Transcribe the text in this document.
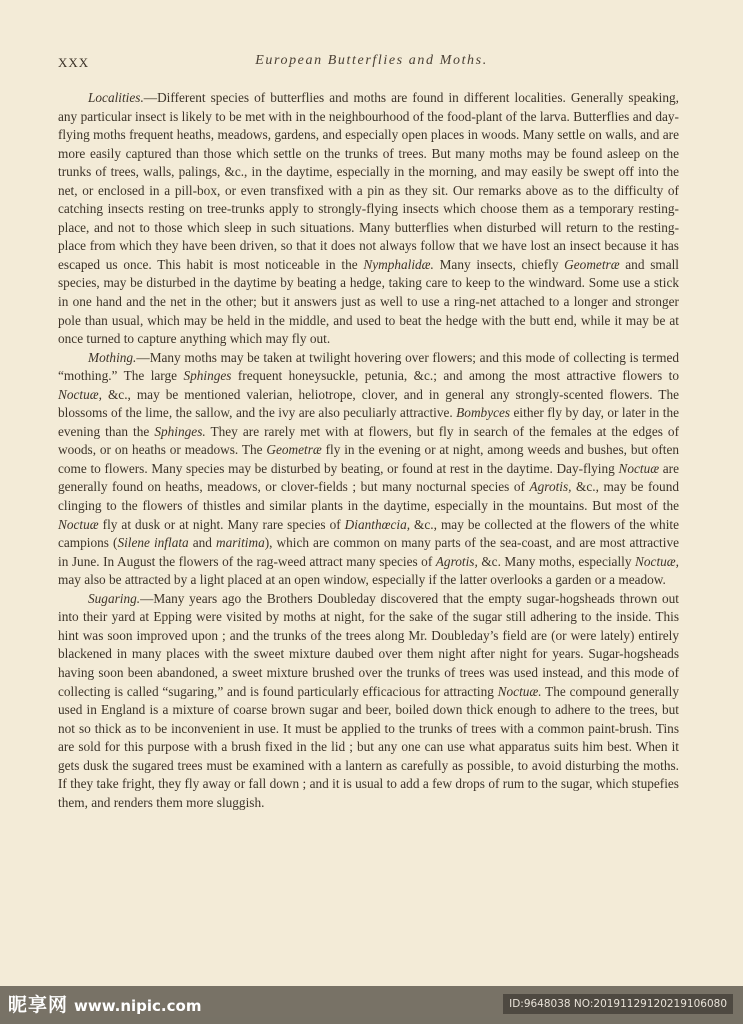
XXX	European Butterflies and Moths.

Localities.—Different species of butterflies and moths are found in different localities. Generally speaking, any particular insect is likely to be met with in the neighbourhood of the food-plant of the larva. Butterflies and day-flying moths frequent heaths, meadows, gardens, and especially open places in woods. Many settle on walls, and are more easily captured than those which settle on the trunks of trees. But many moths may be found asleep on the trunks of trees, walls, palings, &c., in the daytime, especially in the morning, and may easily be swept off into the net, or enclosed in a pill-box, or even transfixed with a pin as they sit. Our remarks above as to the difficulty of catching insects resting on tree-trunks apply to strongly-flying insects which choose them as a temporary resting-place, and not to those which sleep in such situations. Many butterflies when disturbed will return to the resting-place from which they have been driven, so that it does not always follow that we have lost an insect because it has escaped us once. This habit is most noticeable in the Nymphalidæ. Many insects, chiefly Geometræ and small species, may be disturbed in the daytime by beating a hedge, taking care to keep to the windward. Some use a stick in one hand and the net in the other; but it answers just as well to use a ring-net attached to a longer and stronger pole than usual, which may be held in the middle, and used to beat the hedge with the butt end, while it may be at once turned to capture anything which may fly out.

Mothing.—Many moths may be taken at twilight hovering over flowers; and this mode of collecting is termed “mothing.” The large Sphinges frequent honeysuckle, petunia, &c.; and among the most attractive flowers to Noctuæ, &c., may be mentioned valerian, heliotrope, clover, and in general any strongly-scented flowers. The blossoms of the lime, the sallow, and the ivy are also peculiarly attractive. Bombyces either fly by day, or later in the evening than the Sphinges. They are rarely met with at flowers, but fly in search of the females at the edges of woods, or on heaths or meadows. The Geometræ fly in the evening or at night, among weeds and bushes, but often come to flowers. Many species may be disturbed by beating, or found at rest in the daytime. Day-flying Noctuæ are generally found on heaths, meadows, or clover-fields ; but many nocturnal species of Agrotis, &c., may be found clinging to the flowers of thistles and similar plants in the daytime, especially in the mountains. But most of the Noctuæ fly at dusk or at night. Many rare species of Dianthœcia, &c., may be collected at the flowers of the white campions (Silene inflata and maritima), which are common on many parts of the sea-coast, and are most attractive in June. In August the flowers of the rag-weed attract many species of Agrotis, &c. Many moths, especially Noctuæ, may also be attracted by a light placed at an open window, especially if the latter overlooks a garden or a meadow.

Sugaring.—Many years ago the Brothers Doubleday discovered that the empty sugar-hogsheads thrown out into their yard at Epping were visited by moths at night, for the sake of the sugar still adhering to the inside. This hint was soon improved upon ; and the trunks of the trees along Mr. Doubleday’s field are (or were lately) entirely blackened in many places with the sweet mixture daubed over them night after night for years. Sugar-hogsheads having soon been abandoned, a sweet mixture brushed over the trunks of trees was used instead, and this mode of collecting is called “sugaring,” and is found particularly efficacious for attracting Noctuæ. The compound generally used in England is a mixture of coarse brown sugar and beer, boiled down thick enough to adhere to the trees, but not so thick as to be inconvenient in use. It must be applied to the trunks of trees with a common paint-brush. Tins are sold for this purpose with a brush fixed in the lid ; but any one can use what apparatus suits him best. When it gets dusk the sugared trees must be examined with a lantern as carefully as possible, to avoid disturbing the moths. If they take fright, they fly away or fall down ; and it is usual to add a few drops of rum to the sugar, which stupefies them, and renders them more sluggish.

昵享网 www.nipic.com	ID:9648038 NO:20191129120219106080
